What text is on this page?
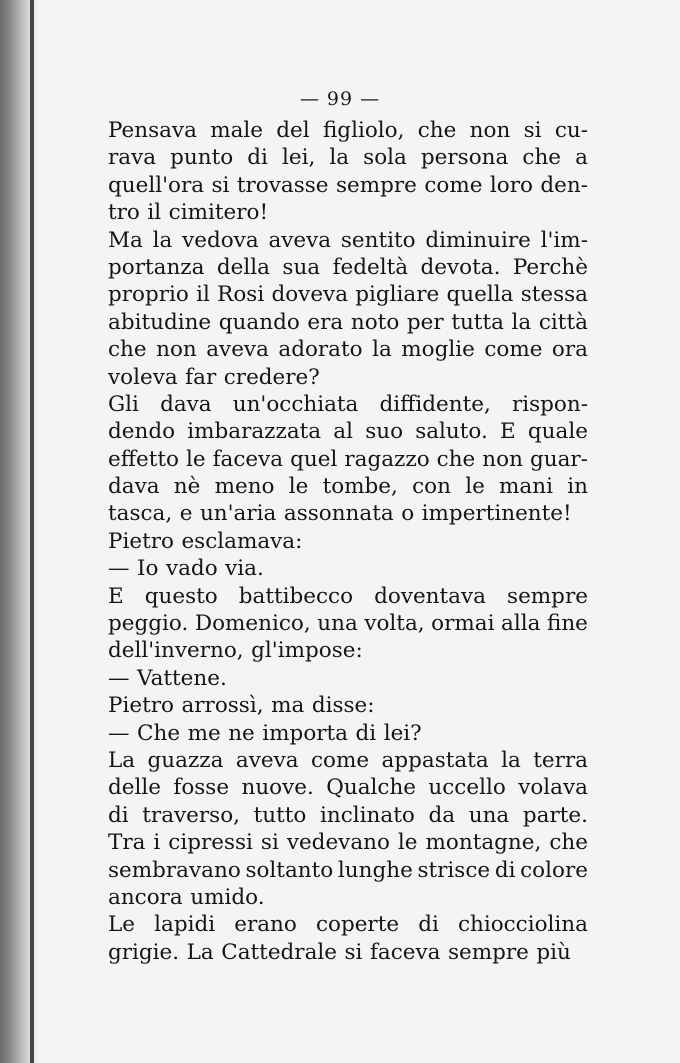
— 99 —
Pensava male del figliolo, che non si cu-
rava punto di lei, la sola persona che a
quell'ora si trovasse sempre come loro den-
tro il cimitero!
Ma la vedova aveva sentito diminuire l'im-
portanza della sua fedeltà devota. Perchè
proprio il Rosi doveva pigliare quella stessa
abitudine quando era noto per tutta la città
che non aveva adorato la moglie come ora
voleva far credere?
Gli dava un'occhiata diffidente, rispon-
dendo imbarazzata al suo saluto. E quale
effetto le faceva quel ragazzo che non guar-
dava nè meno le tombe, con le mani in
tasca, e un'aria assonnata o impertinente!
Pietro esclamava:
— Io vado via.
E questo battibecco doventava sempre
peggio. Domenico, una volta, ormai alla fine
dell'inverno, gl'impose:
— Vattene.
Pietro arrossì, ma disse:
— Che me ne importa di lei?
La guazza aveva come appastata la terra
delle fosse nuove. Qualche uccello volava
di traverso, tutto inclinato da una parte.
Tra i cipressi si vedevano le montagne, che
sembravano soltanto lunghe strisce di colore
ancora umido.
Le lapidi erano coperte di chiocciolina
grigie. La Cattedrale si faceva sempre più
